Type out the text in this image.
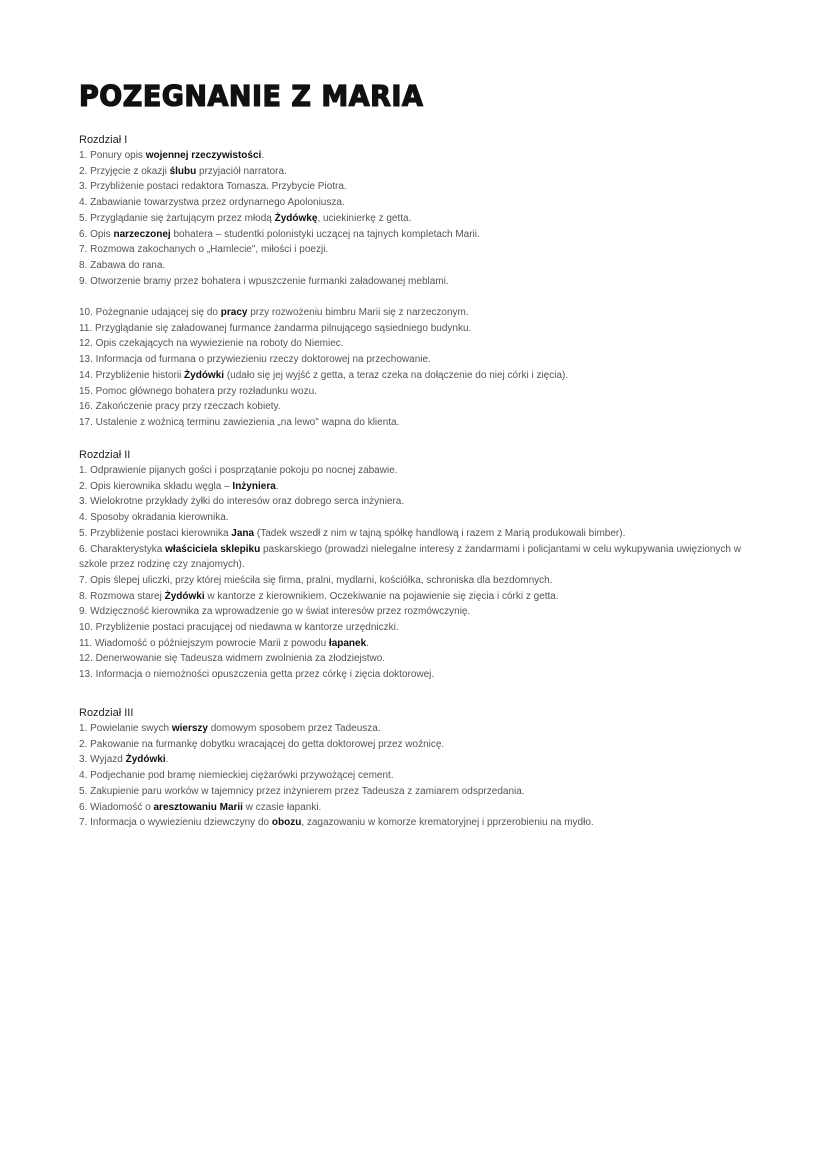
POZEGNANIE Z MARIA
Rozdział I
1. Ponury opis wojennej rzeczywistości.
2. Przyjęcie z okazji ślubu przyjaciół narratora.
3. Przybliżenie postaci redaktora Tomasza. Przybycie Piotra.
4. Zabawianie towarzystwa przez ordynarnego Apoloniusza.
5. Przyglądanie się żartującym przez młodą Żydówkę, uciekinierkę z getta.
6. Opis narzeczonej bohatera – studentki polonistyki uczącej na tajnych kompletach Marii.
7. Rozmowa zakochanych o „Hamlecie", miłości i poezji.
8. Zabawa do rana.
9. Otworzenie bramy przez bohatera i wpuszczenie furmanki załadowanej meblami.
10. Pożegnanie udającej się do pracy przy rozwożeniu bimbru Marii się z narzeczonym.
11. Przyglądanie się załadowanej furmance żandarma pilnującego sąsiedniego budynku.
12. Opis czekających na wywiezienie na roboty do Niemiec.
13. Informacja od furmana o przywiezieniu rzeczy doktorowej na przechowanie.
14. Przybliżenie historii Żydówki (udało się jej wyjść z getta, a teraz czeka na dołączenie do niej córki i zięcia).
15. Pomoc głównego bohatera przy rozładunku wozu.
16. Zakończenie pracy przy rzeczach kobiety.
17. Ustalenie z woźnicą terminu zawiezienia „na lewo" wapna do klienta.
Rozdział II
1. Odprawienie pijanych gości i posprzątanie pokoju po nocnej zabawie.
2. Opis kierownika składu węgla – Inżyniera.
3. Wielokrotne przykłady żyłki do interesów oraz dobrego serca inżyniera.
4. Sposoby okradania kierownika.
5. Przybliżenie postaci kierownika Jana (Tadek wszedł z nim w tajną spółkę handlową i razem z Marią produkowali bimber).
6. Charakterystyka właściciela sklepiku paskarskiego (prowadzi nielegalne interesy z żandarmami i policjantami w celu wykupywania uwięzionych w szkole przez rodzinę czy znajomych).
7. Opis ślepej uliczki, przy której mieściła się firma, pralni, mydlarni, kościółka, schroniska dla bezdomnych.
8. Rozmowa starej Żydówki w kantorze z kierownikiem. Oczekiwanie na pojawienie się zięcia i córki z getta.
9. Wdzięczność kierownika za wprowadzenie go w świat interesów przez rozmówczynię.
10. Przybliżenie postaci pracującej od niedawna w kantorze urzędniczki.
11. Wiadomość o późniejszym powrocie Marii z powodu łapanek.
12. Denerwowanie się Tadeusza widmem zwolnienia za złodziejstwo.
13. Informacja o niemożności opuszczenia getta przez córkę i zięcia doktorowej.
Rozdział III
1. Powielanie swych wierszy domowym sposobem przez Tadeusza.
2. Pakowanie na furmankę dobytku wracającej do getta doktorowej przez woźnicę.
3. Wyjazd Żydówki.
4. Podjechanie pod bramę niemieckiej ciężarówki przywożącej cement.
5. Zakupienie paru worków w tajemnicy przez inżynierem przez Tadeusza z zamiarem odsprzedania.
6. Wiadomość o aresztowaniu Marii w czasie łapanki.
7. Informacja o wywiezieniu dziewczyny do obozu, zagazowaniu w komorze krematoryjnej i pprzerobieniu na mydło.
